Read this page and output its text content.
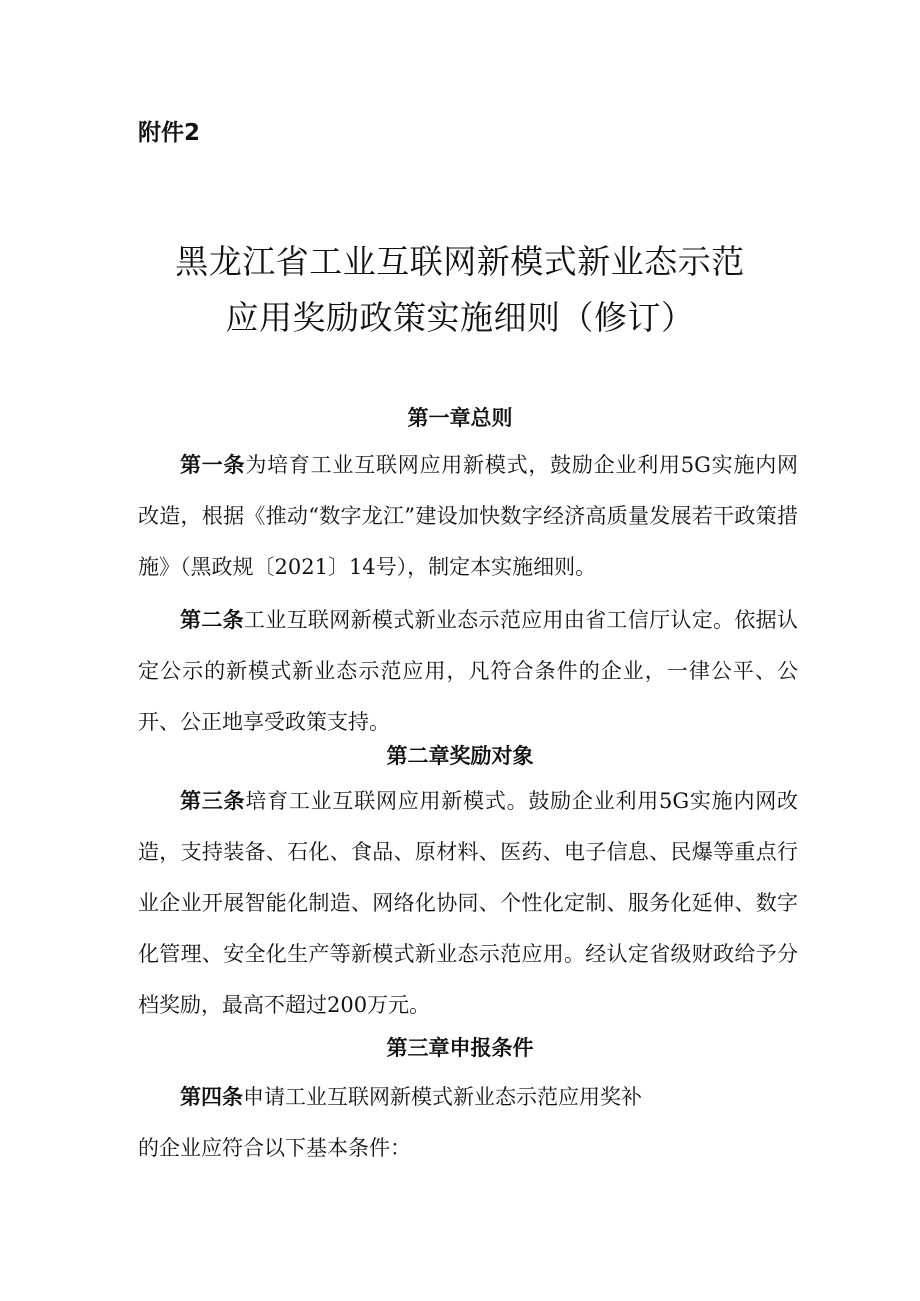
附件2
黑龙江省工业互联网新模式新业态示范
应用奖励政策实施细则（修订）
第一章总则
第一条为培育工业互联网应用新模式，鼓励企业利用5G实施内网改造，根据《推动“数字龙江”建设加快数字经济高质量发展若干政策措施》（黑政规〔2021〕14号），制定本实施细则。
第二条工业互联网新模式新业态示范应用由省工信厅认定。依据认定公示的新模式新业态示范应用，凡符合条件的企业，一律公平、公开、公正地享受政策支持。
第二章奖励对象
第三条培育工业互联网应用新模式。鼓励企业利用5G实施内网改造，支持装备、石化、食品、原材料、医药、电子信息、民爆等重点行业企业开展智能化制造、网络化协同、个性化定制、服务化延伸、数字化管理、安全化生产等新模式新业态示范应用。经认定省级财政给予分档奖励，最高不超过200万元。
第三章申报条件
第四条申请工业互联网新模式新业态示范应用奖补
的企业应符合以下基本条件：
